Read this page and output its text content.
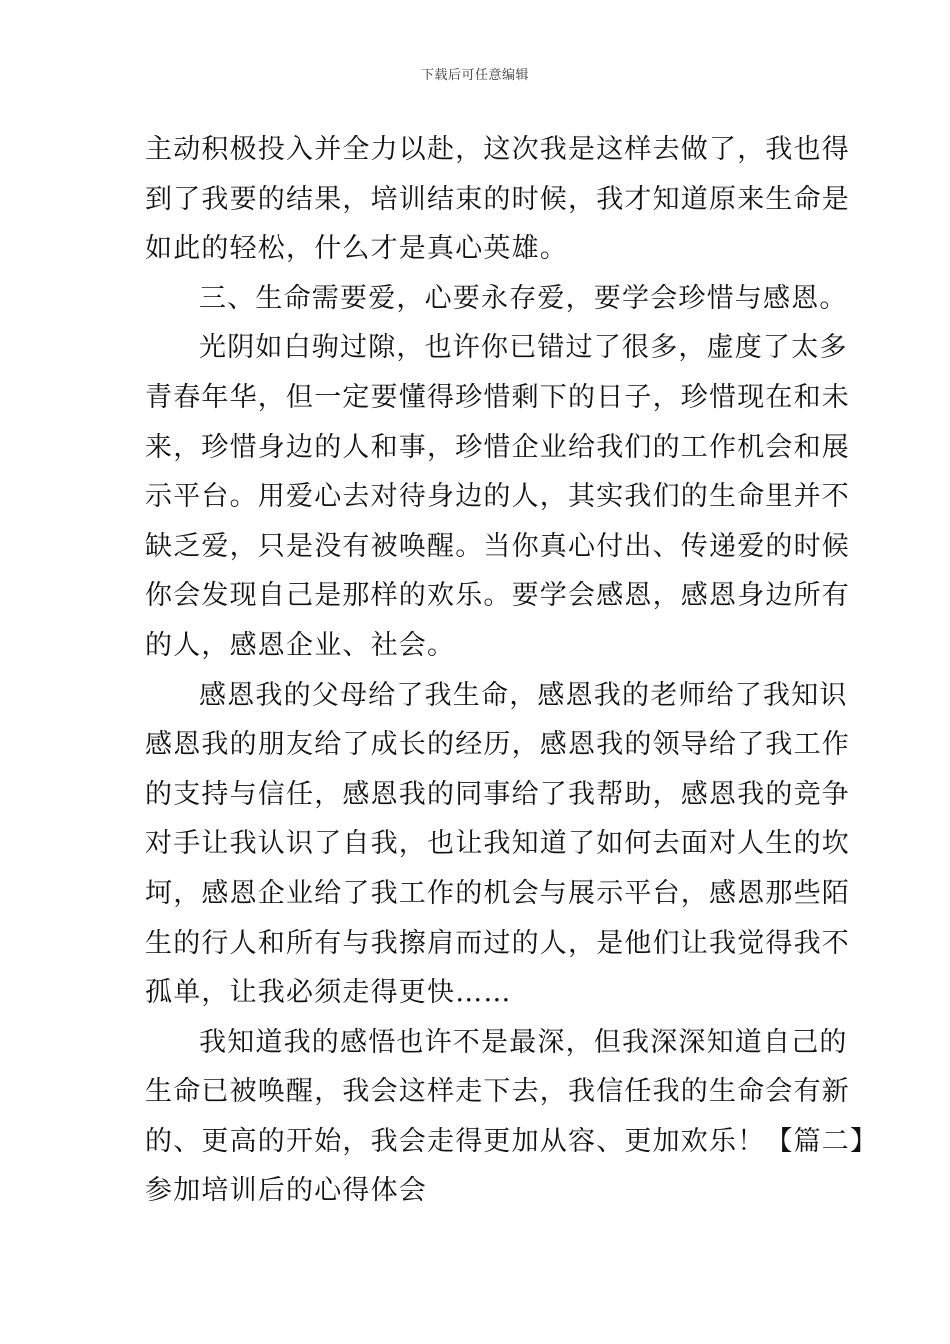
下载后可任意编辑
主动积极投入并全力以赴，这次我是这样去做了，我也得
到了我要的结果，培训结束的时候，我才知道原来生命是
如此的轻松，什么才是真心英雄。
三、生命需要爱，心要永存爱，要学会珍惜与感恩。
光阴如白驹过隙，也许你已错过了很多，虚度了太多
青春年华，但一定要懂得珍惜剩下的日子，珍惜现在和未
来，珍惜身边的人和事，珍惜企业给我们的工作机会和展
示平台。用爱心去对待身边的人，其实我们的生命里并不
缺乏爱，只是没有被唤醒。当你真心付出、传递爱的时候
你会发现自己是那样的欢乐。要学会感恩，感恩身边所有
的人，感恩企业、社会。
感恩我的父母给了我生命，感恩我的老师给了我知识
感恩我的朋友给了成长的经历，感恩我的领导给了我工作
的支持与信任，感恩我的同事给了我帮助，感恩我的竞争
对手让我认识了自我，也让我知道了如何去面对人生的坎
坷，感恩企业给了我工作的机会与展示平台，感恩那些陌
生的行人和所有与我擦肩而过的人，是他们让我觉得我不
孤单，让我必须走得更快……
我知道我的感悟也许不是最深，但我深深知道自己的
生命已被唤醒，我会这样走下去，我信任我的生命会有新
的、更高的开始，我会走得更加从容、更加欢乐！【篇二】
参加培训后的心得体会
